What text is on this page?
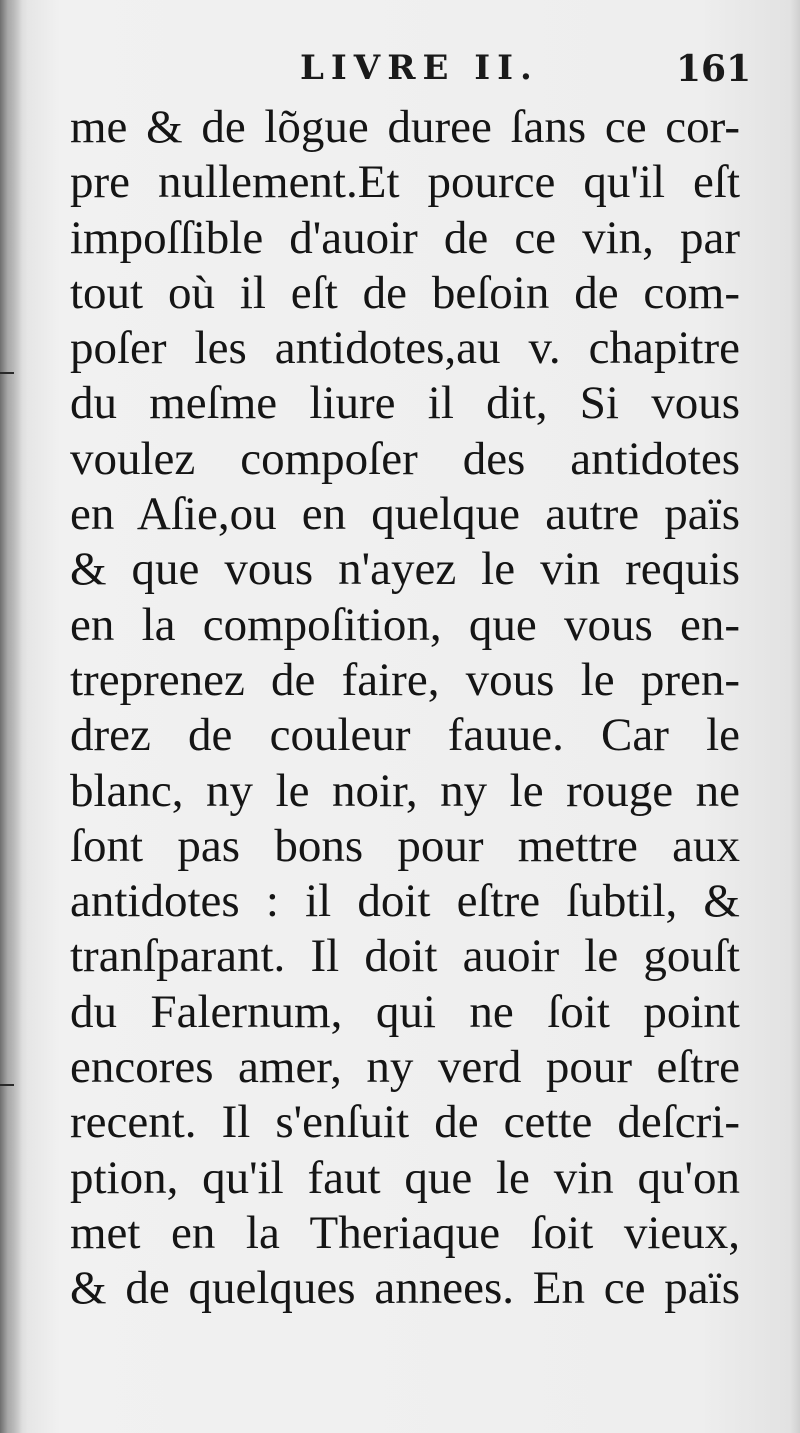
LIVRE II.	161
me & de lõgue duree ſans ce cor-
pre nullement.Et pource qu'il eſt
impoſſible d'auoir de ce vin, par
tout où il eſt de beſoin de com-
poſer les antidotes,au v. chapitre
du meſme liure il dit, Si vous
voulez compoſer des antidotes
en Aſie,ou en quelque autre païs
& que vous n'ayez le vin requis
en la compoſition, que vous en-
treprenez de faire, vous le pren-
drez de couleur fauue. Car le
blanc, ny le noir, ny le rouge ne
ſont pas bons pour mettre aux
antidotes : il doit eſtre ſubtil, &
tranſparant. Il doit auoir le gouſt
du Falernum, qui ne ſoit point
encores amer, ny verd pour eſtre
recent. Il s'enſuit de cette deſcri-
ption, qu'il faut que le vin qu'on
met en la Theriaque ſoit vieux,
& de quelques annees. En ce païs
